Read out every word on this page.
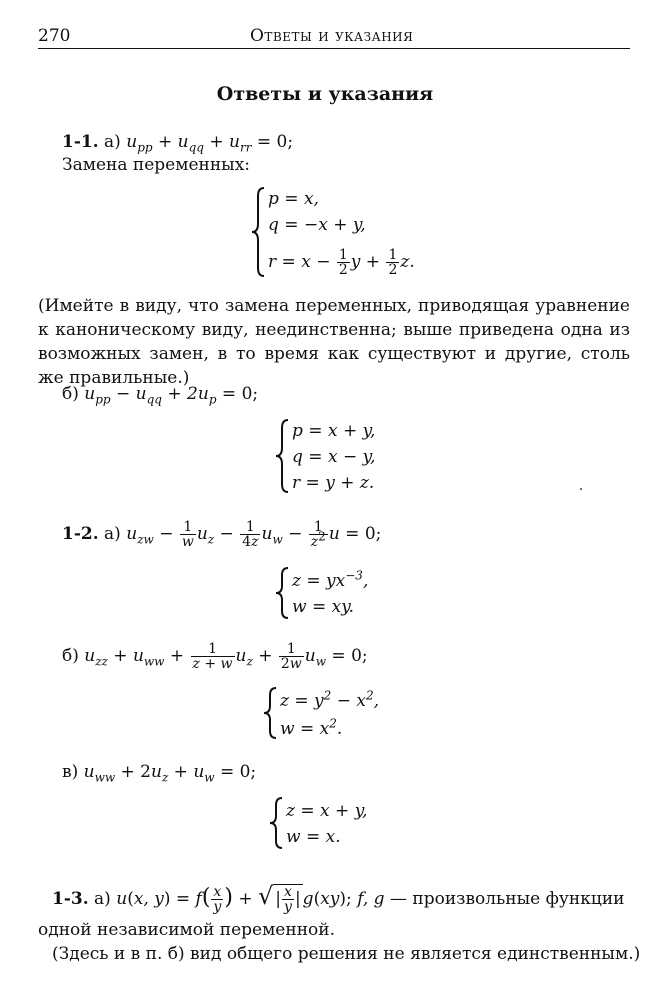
270	Ответы и указания
Ответы и указания
1-1. а) $u_{pp} + u_{qq} + u_{rr} = 0$;
Замена переменных:
p = x,
q = −x + y,
$r = x - \frac{1}{2}$ $y + \frac{1}{2} z$.
(Имейте в виду, что замена переменных, приводящая уравнение к каноническому виду, неединственна; выше приведена одна из возможных замен, в то время как существуют и другие, столь же правильные.)
б) $u_{pp} - u_{qq} + 2u_p = 0$;
p = x + y,
q = x − y,
r = y + z.
1-2. а) $u_{zw} - \frac{1}{w} u_z - \frac{1}{4z} u_w - \frac{1}{z^2}$ u = 0;
$z = yx^{-3}$,
w = xy.
б) $u_{zz} + u_{ww} + \frac{1}{z + w} u_z + \frac{1}{2w} u_w = 0$;
$z = y^2 - x^2$,
$w = x^2$.
в) $u_{ww} + 2u_z + u_w = 0$;
z = x + y,
w = x.
1-3. а) u(x, $y) = f( \frac{x}{y}$ ) + √ | $\frac{x}{y}$ | g(xy); f, g — произвольные функции
одной независимой переменной.
(Здесь и в п. б) вид общего решения не является единственным.)
